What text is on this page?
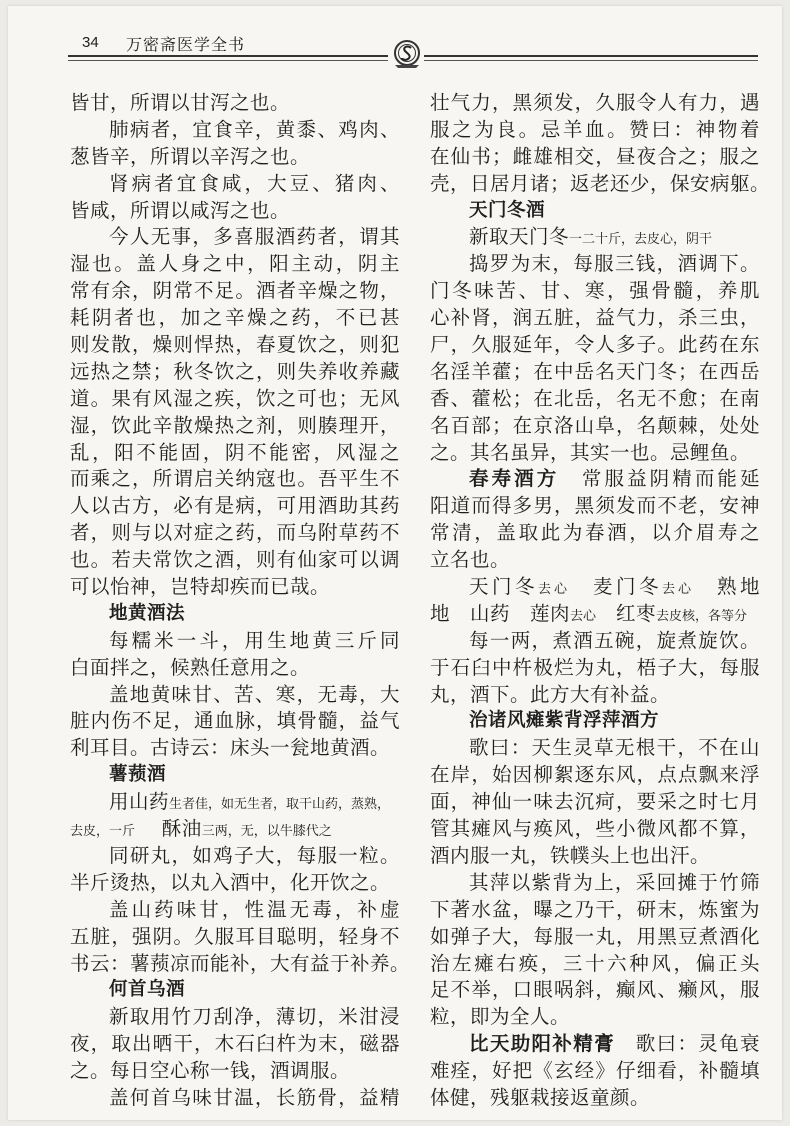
34 万密斋医学全书
皆甘，所谓以甘泻之也。
肺病者，宜食辛，黄黍、鸡肉、
葱皆辛，所谓以辛泻之也。
肾病者宜食咸，大豆、猪肉、
皆咸，所谓以咸泻之也。
今人无事，多喜服酒药者，谓其
湿也。盖人身之中，阳主动，阴主
常有余，阴常不足。酒者辛燥之物，
耗阴者也，加之辛燥之药，不已甚
则发散，燥则悍热，春夏饮之，则犯
远热之禁；秋冬饮之，则失养收养藏
道。果有风湿之疾，饮之可也；无风
湿，饮此辛散燥热之剂，则腠理开，
乱，阳不能固，阴不能密，风湿之
而乘之，所谓启关纳寇也。吾平生不
人以古方，必有是病，可用酒助其药
者，则与以对症之药，而乌附草药不
也。若夫常饮之酒，则有仙家可以调
可以怡神，岂特却疾而已哉。
地黄酒法
每糯米一斗，用生地黄三斤同
白面拌之，候熟任意用之。
盖地黄味甘、苦、寒，无毒，大
脏内伤不足，通血脉，填骨髓，益气
利耳目。古诗云：床头一瓮地黄酒。
薯蓣酒
用山药生者佳，如无生者，取干山药，蒸熟，
去皮，一斤　 酥油三两，无，以牛膝代之
同研丸，如鸡子大，每服一粒。
半斤烫热，以丸入酒中，化开饮之。
盖山药味甘，性温无毒，补虚
五脏，强阴。久服耳目聪明，轻身不
书云：薯蓣凉而能补，大有益于补养。
何首乌酒
新取用竹刀刮净，薄切，米泔浸
夜，取出晒干，木石臼杵为末，磁器
之。每日空心称一钱，酒调服。
盖何首乌味甘温，长筋骨，益精
壮气力，黑须发，久服令人有力，遇
服之为良。忌羊血。赞曰：神物着
在仙书；雌雄相交，昼夜合之；服之
壳，日居月诸；返老还少，保安病躯。
天门冬酒
新取天门冬一二十斤，去皮心，阴干
捣罗为末，每服三钱，酒调下。
门冬味苦、甘、寒，强骨髓，养肌
心补肾，润五脏，益气力，杀三虫，
尸，久服延年，令人多子。此药在东
名淫羊藿；在中岳名天门冬；在西岳
香、藿松；在北岳，名无不愈；在南
名百部；在京洛山阜，名颠棘，处处
之。其名虽异，其实一也。忌鲤鱼。
春寿酒方　常服益阴精而能延
阳道而得多男，黑须发而不老，安神
常清，盖取此为春酒，以介眉寿之
立名也。
天门冬去心　麦门冬去心　熟地　
地　山药　莲肉去心　红枣去皮核，各等分
每一两，煮酒五碗，旋煮旋饮。
于石臼中杵极烂为丸，梧子大，每服
丸，酒下。此方大有补益。
治诸风瘫紫背浮萍酒方
歌曰：天生灵草无根干，不在山
在岸，始因柳絮逐东风，点点飘来浮
面，神仙一味去沉疴，要采之时七月
管其瘫风与痪风，些小微风都不算，
酒内服一丸，铁幞头上也出汗。
其萍以紫背为上，采回摊于竹筛
下著水盆，曝之乃干，研末，炼蜜为
如弹子大，每服一丸，用黑豆煮酒化
治左瘫右痪，三十六种风，偏正头
足不举，口眼㖞斜，癫风、癞风，服
粒，即为全人。
比天助阳补精膏　歌曰：灵龟衰
难痊，好把《玄经》仔细看，补髓填
体健，残躯栽接返童颜。
